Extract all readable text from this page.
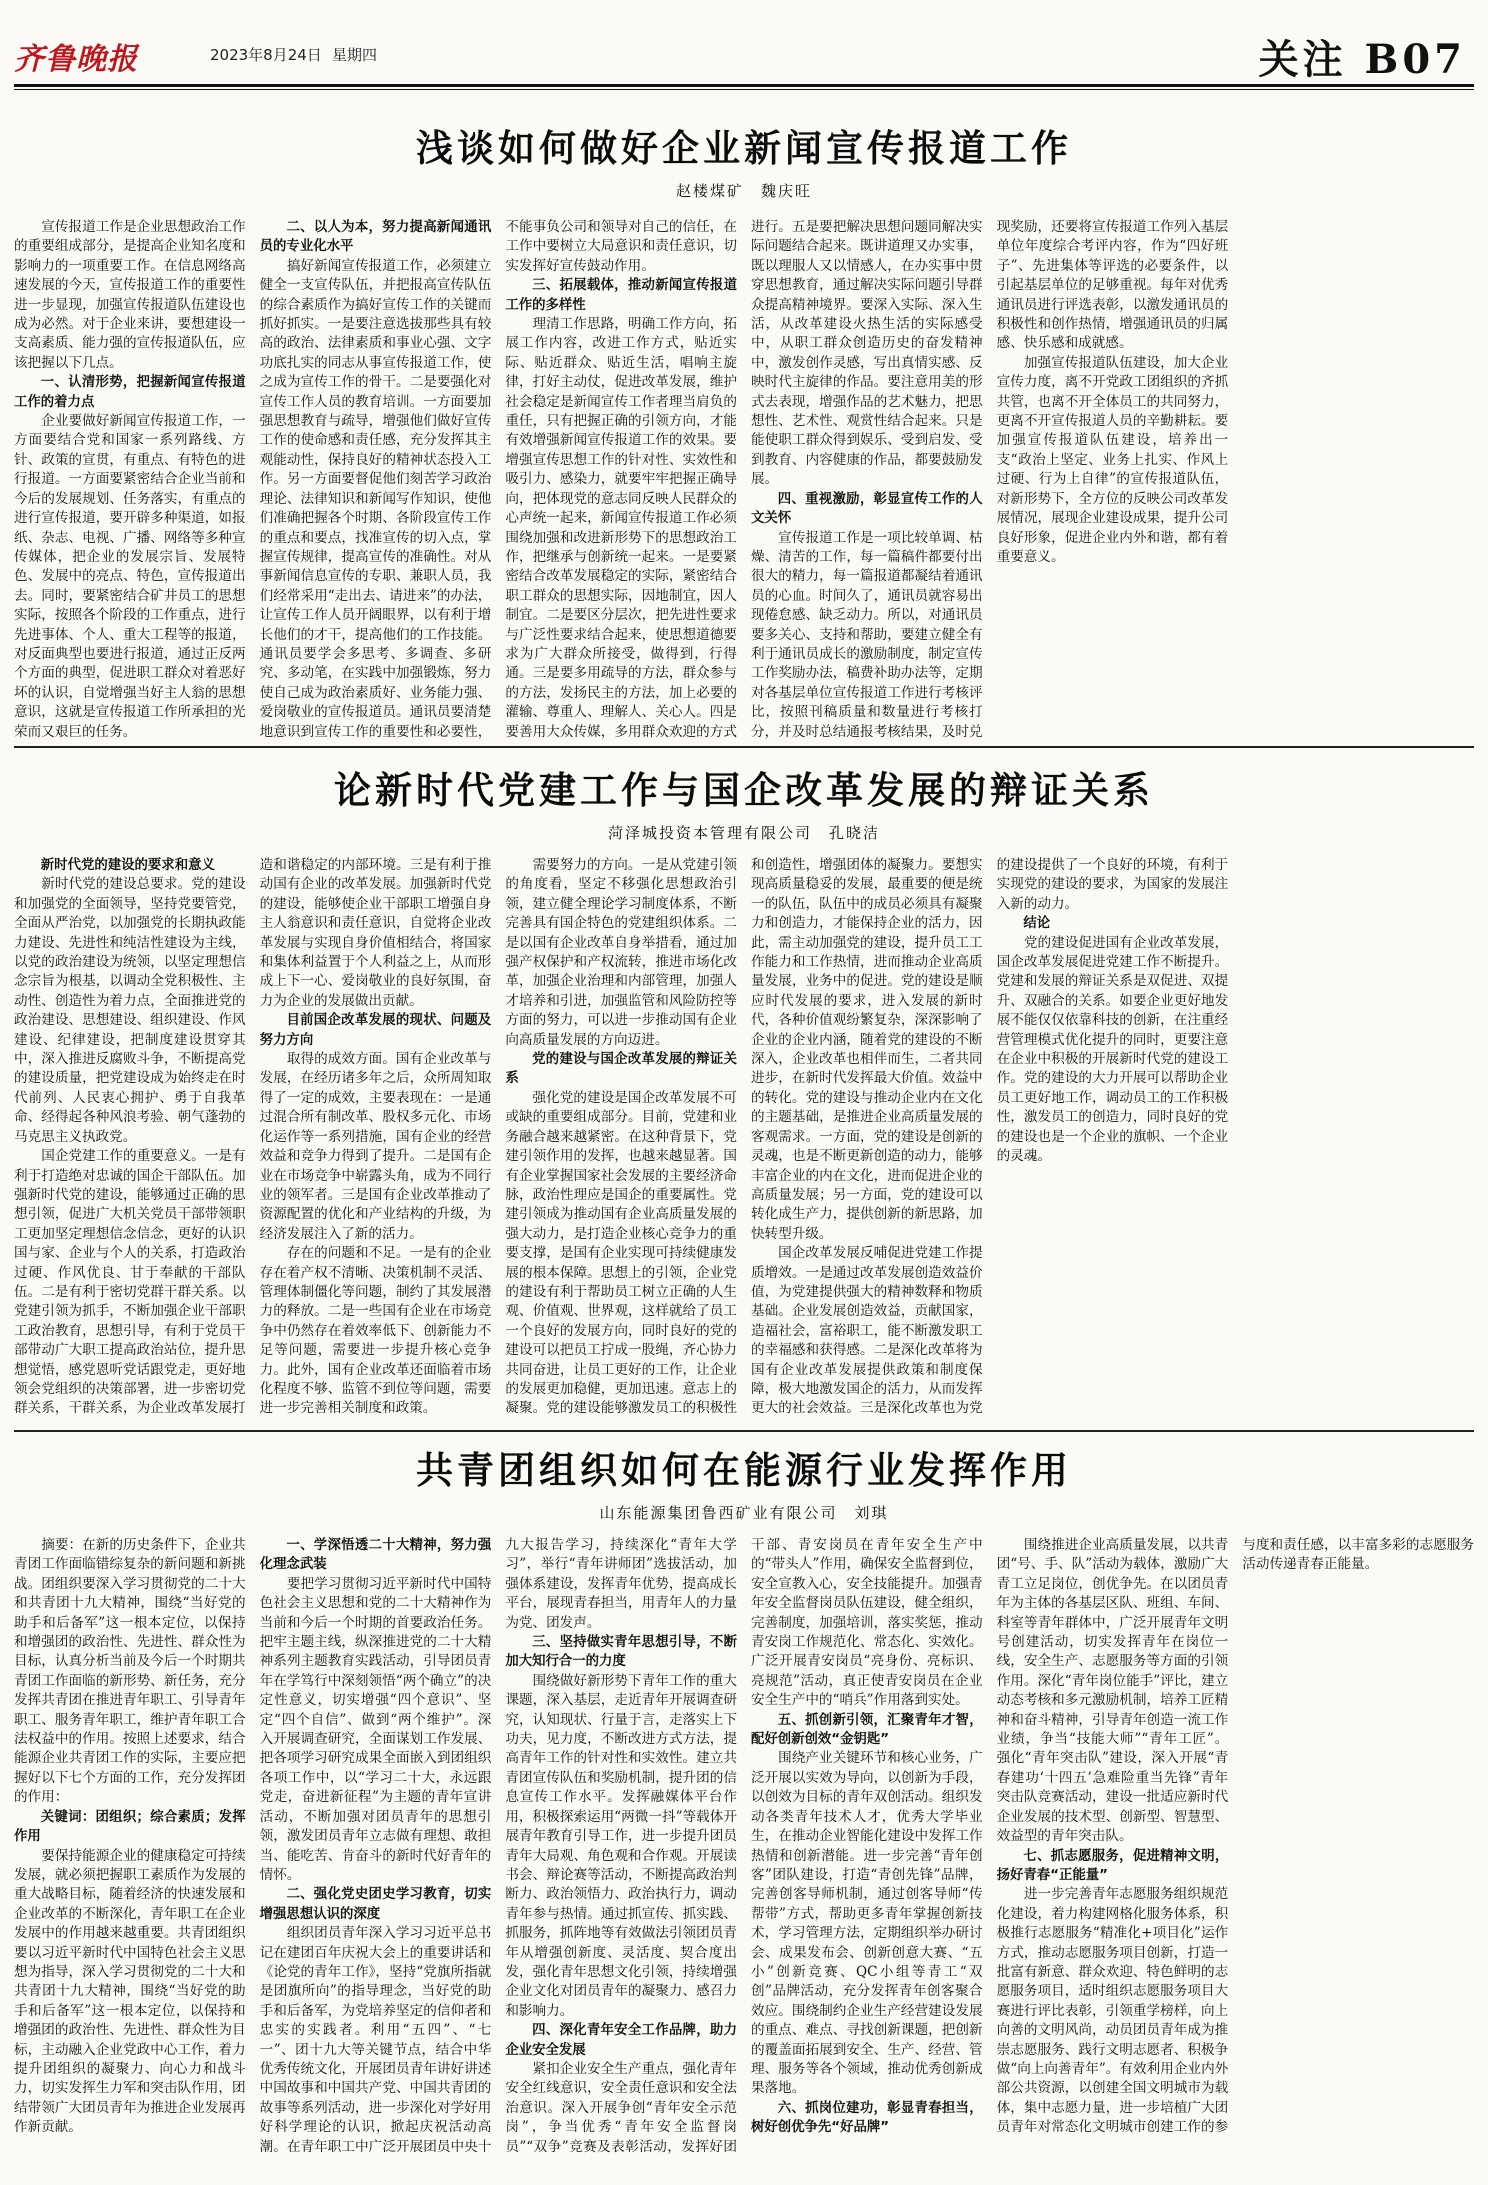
齐鲁晚报	2023年8月24日 星期四	关注 B07
浅谈如何做好企业新闻宣传报道工作
赵楼煤矿　魏庆旺

宣传报道工作是企业思想政治工作的重要组成部分，是提高企业知名度和影响力的一项重要工作。在信息网络高速发展的今天，宣传报道工作的重要性进一步显现，加强宣传报道队伍建设也成为必然。对于企业来讲，要想建设一支高素质、能力强的宣传报道队伍，应该把握以下几点。

一、认清形势，把握新闻宣传报道工作的着力点

企业要做好新闻宣传报道工作，一方面要结合党和国家一系列路线、方针、政策的宣贯，有重点、有特色的进行报道。一方面要紧密结合企业当前和今后的发展规划、任务落实，有重点的进行宣传报道，要开辟多种渠道，如报纸、杂志、电视、广播、网络等多种宣传媒体，把企业的发展宗旨、发展特色、发展中的亮点、特色，宣传报道出去。同时，要紧密结合矿井员工的思想实际，按照各个阶段的工作重点，进行先进事体、个人、重大工程等的报道，对反面典型也要进行报道，通过正反两个方面的典型，促进职工群众对着恶好坏的认识，自觉增强当好主人翁的思想意识，这就是宣传报道工作所承担的光荣而又艰巨的任务。

二、以人为本，努力提高新闻通讯员的专业化水平

搞好新闻宣传报道工作，必须建立健全一支宣传队伍，并把报高宣传队伍的综合素质作为搞好宣传工作的关键而抓好抓实。一是要注意选拔那些具有较高的政治、法律素质和事业心强、文字功底扎实的同志从事宣传报道工作，使之成为宣传工作的骨干。二是要强化对宣传工作人员的教育培训。一方面要加强思想教育与疏导，增强他们做好宣传工作的使命感和责任感，充分发挥其主观能动性，保持良好的精神状态投入工作。另一方面要督促他们刻苦学习政治理论、法律知识和新闻写作知识，使他们准确把握各个时期、各阶段宣传工作的重点和要点，找准宣传的切入点，掌握宣传规律，提高宣传的准确性。对从事新闻信息宣传的专职、兼职人员，我们经常采用“走出去、请进来”的办法，让宣传工作人员开阔眼界，以有利于增长他们的才干，提高他们的工作技能。通讯员要学会多思考、多调查、多研究、多动笔，在实践中加强锻炼，努力使自己成为政治素质好、业务能力强、爱岗敬业的宣传报道员。通讯员要清楚地意识到宣传工作的重要性和必要性，不能事负公司和领导对自己的信任，在工作中要树立大局意识和责任意识，切实发挥好宣传鼓动作用。

三、拓展载体，推动新闻宣传报道工作的多样性

理清工作思路，明确工作方向，拓展工作内容，改进工作方式，贴近实际、贴近群众、贴近生活，唱响主旋律，打好主动仗，促进改革发展，维护社会稳定是新闻宣传工作者理当肩负的重任，只有把握正确的引领方向，才能有效增强新闻宣传报道工作的效果。要增强宣传思想工作的针对性、实效性和吸引力、感染力，就要牢牢把握正确导向，把体现党的意志同反映人民群众的心声统一起来，新闻宣传报道工作必须围绕加强和改进新形势下的思想政治工作，把继承与创新统一起来。一是要紧密结合改革发展稳定的实际，紧密结合职工群众的思想实际，因地制宜，因人制宜。二是要区分层次，把先进性要求与广泛性要求结合起来，使思想道德要求为广大群众所接受，做得到，行得通。三是要多用疏导的方法，群众参与的方法，发扬民主的方法，加上必要的灌输、尊重人、理解人、关心人。四是要善用大众传媒，多用群众欢迎的方式进行。五是要把解决思想问题同解决实际问题结合起来。既讲道理又办实事，既以理服人又以情感人，在办实事中贯穿思想教育，通过解决实际问题引导群众提高精神境界。要深入实际、深入生活，从改革建设火热生活的实际感受中，从职工群众创造历史的奋发精神中，激发创作灵感，写出真情实感、反映时代主旋律的作品。要注意用美的形式去表现，增强作品的艺术魅力，把思想性、艺术性、观赏性结合起来。只是能使职工群众得到娱乐、受到启发、受到教育、内容健康的作品，都要鼓励发展。

四、重视激励，彰显宣传工作的人文关怀

宣传报道工作是一项比较单调、枯燥、清苦的工作，每一篇稿件都要付出很大的精力，每一篇报道都凝结着通讯员的心血。时间久了，通讯员就容易出现倦怠感、缺乏动力。所以，对通讯员要多关心、支持和帮助，要建立健全有利于通讯员成长的激励制度，制定宣传工作奖励办法，稿费补助办法等，定期对各基层单位宣传报道工作进行考核评比，按照刊稿质量和数量进行考核打分，并及时总结通报考核结果，及时兑现奖励，还要将宣传报道工作列入基层单位年度综合考评内容，作为“四好班子”、先进集体等评选的必要条件，以引起基层单位的足够重视。每年对优秀通讯员进行评选表彰，以激发通讯员的积极性和创作热情，增强通讯员的归属感、快乐感和成就感。

加强宣传报道队伍建设，加大企业宣传力度，离不开党政工团组织的齐抓共管，也离不开全体员工的共同努力，更离不开宣传报道人员的辛勤耕耘。要加强宣传报道队伍建设，培养出一支“政治上坚定、业务上扎实、作风上过硬、行为上自律”的宣传报道队伍，对新形势下，全方位的反映公司改革发展情况，展现企业建设成果，提升公司良好形象，促进企业内外和谐，都有着重要意义。

论新时代党建工作与国企改革发展的辩证关系
菏泽城投资本管理有限公司　孔晓洁

新时代党的建设的要求和意义

新时代党的建设总要求。党的建设和加强党的全面领导，坚持党要管党，全面从严治党，以加强党的长期执政能力建设、先进性和纯洁性建设为主线，以党的政治建设为统领，以坚定理想信念宗旨为根基，以调动全党积极性、主动性、创造性为着力点，全面推进党的政治建设、思想建设、组织建设、作风建设、纪律建设，把制度建设贯穿其中，深入推进反腐败斗争，不断提高党的建设质量，把党建设成为始终走在时代前列、人民衷心拥护、勇于自我革命、经得起各种风浪考验、朝气蓬勃的马克思主义执政党。

国企党建工作的重要意义。一是有利于打造绝对忠诚的国企干部队伍。加强新时代党的建设，能够通过正确的思想引领，促进广大机关党员干部带领职工更加坚定理想信念信念，更好的认识国与家、企业与个人的关系，打造政治过硬、作风优良、甘于奉献的干部队伍。二是有利于密切党群干群关系。以党建引领为抓手，不断加强企业干部职工政治教育，思想引导，有利于党员干部带动广大职工提高政治站位，提升思想觉悟，感党恩听党话跟党走，更好地领会党组织的决策部署，进一步密切党群关系，干群关系，为企业改革发展打造和谐稳定的内部环境。三是有利于推动国有企业的改革发展。加强新时代党的建设，能够使企业干部职工增强自身主人翁意识和责任意识，自觉将企业改革发展与实现自身价值相结合，将国家和集体利益置于个人利益之上，从而形成上下一心、爱岗敬业的良好氛围，奋力为企业的发展做出贡献。

目前国企改革发展的现状、问题及努力方向

取得的成效方面。国有企业改革与发展，在经历诸多年之后，众所周知取得了一定的成效，主要表现在：一是通过混合所有制改革、股权多元化、市场化运作等一系列措施，国有企业的经营效益和竞争力得到了提升。二是国有企业在市场竞争中崭露头角，成为不同行业的领军者。三是国有企业改革推动了资源配置的优化和产业结构的升级，为经济发展注入了新的活力。

存在的问题和不足。一是有的企业存在着产权不清晰、决策机制不灵活、管理体制僵化等问题，制约了其发展潜力的释放。二是一些国有企业在市场竞争中仍然存在着效率低下、创新能力不足等问题，需要进一步提升核心竞争力。此外，国有企业改革还面临着市场化程度不够、监管不到位等问题，需要进一步完善相关制度和政策。

需要努力的方向。一是从党建引领的角度看，坚定不移强化思想政治引领，建立健全理论学习制度体系，不断完善具有国企特色的党建组织体系。二是以国有企业改革自身举措看，通过加强产权保护和产权流转，推进市场化改革，加强企业治理和内部管理，加强人才培养和引进，加强监管和风险防控等方面的努力，可以进一步推动国有企业向高质量发展的方向迈进。

党的建设与国企改革发展的辩证关系

强化党的建设是国企改革发展不可或缺的重要组成部分。目前，党建和业务融合越来越紧密。在这种背景下，党建引领作用的发挥，也越来越显著。国有企业掌握国家社会发展的主要经济命脉，政治性理应是国企的重要属性。党建引领成为推动国有企业高质量发展的强大动力，是打造企业核心竞争力的重要支撑，是国有企业实现可持续健康发展的根本保障。思想上的引领，企业党的建设有利于帮助员工树立正确的人生观、价值观、世界观，这样就给了员工一个良好的发展方向，同时良好的党的建设可以把员工拧成一股绳，齐心协力共同奋进，让员工更好的工作，让企业的发展更加稳健，更加迅速。意志上的凝聚。党的建设能够激发员工的积极性和创造性，增强团体的凝聚力。要想实现高质量稳妥的发展，最重要的便是统一的队伍，队伍中的成员必须具有凝聚力和创造力，才能保持企业的活力，因此，需主动加强党的建设，提升员工工作能力和工作热情，进而推动企业高质量发展，业务中的促进。党的建设是顺应时代发展的要求，进入发展的新时代，各种价值观纷繁复杂，深深影响了企业的企业内涵，随着党的建设的不断深入，企业改革也相伴而生，二者共同进步，在新时代发挥最大价值。效益中的转化。党的建设与推动企业内在文化的主题基础，是推进企业高质量发展的客观需求。一方面，党的建设是创新的灵魂，也是不断更新创造的动力，能够丰富企业的内在文化，进而促进企业的高质量发展；另一方面，党的建设可以转化成生产力，提供创新的新思路，加快转型升级。

国企改革发展反哺促进党建工作提质增效。一是通过改革发展创造效益价值，为党建提供强大的精神数释和物质基础。企业发展创造效益，贡献国家，造福社会，富裕职工，能不断激发职工的幸福感和获得感。二是深化改革将为国有企业改革发展提供政策和制度保障，极大地激发国企的活力，从而发挥更大的社会效益。三是深化改革也为党的建设提供了一个良好的环境，有利于实现党的建设的要求，为国家的发展注入新的动力。

结论

党的建设促进国有企业改革发展，国企改革发展促进党建工作不断提升。党建和发展的辩证关系是双促进、双提升、双融合的关系。如要企业更好地发展不能仅仅依靠科技的创新，在注重经营管理模式优化提升的同时，更要注意在企业中积极的开展新时代党的建设工作。党的建设的大力开展可以帮助企业员工更好地工作，调动员工的工作积极性，激发员工的创造力，同时良好的党的建设也是一个企业的旗帜、一个企业的灵魂。

共青团组织如何在能源行业发挥作用
山东能源集团鲁西矿业有限公司　刘琪

摘要：在新的历史条件下，企业共青团工作面临错综复杂的新问题和新挑战。团组织要深入学习贯彻党的二十大和共青团十九大精神，围绕“当好党的助手和后备军”这一根本定位，以保持和增强团的政治性、先进性、群众性为目标，认真分析当前及今后一个时期共青团工作面临的新形势、新任务，充分发挥共青团在推进青年职工、引导青年职工、服务青年职工，维护青年职工合法权益中的作用。按照上述要求，结合能源企业共青团工作的实际，主要应把握好以下七个方面的工作，充分发挥团的作用：

关键词：团组织；综合素质；发挥作用

要保持能源企业的健康稳定可持续发展，就必须把握职工素质作为发展的重大战略目标，随着经济的快速发展和企业改革的不断深化，青年职工在企业发展中的作用越来越重要。共青团组织要以习近平新时代中国特色社会主义思想为指导，深入学习贯彻党的二十大和共青团十九大精神，围绕“当好党的助手和后备军”这一根本定位，以保持和增强团的政治性、先进性、群众性为目标，主动融入企业党政中心工作，着力提升团组织的凝聚力、向心力和战斗力，切实发挥生力军和突击队作用，团结带领广大团员青年为推进企业发展再作新贡献。

一、学深悟透二十大精神，努力强化理念武装

要把学习贯彻习近平新时代中国特色社会主义思想和党的二十大精神作为当前和今后一个时期的首要政治任务。把牢主题主线，纵深推进党的二十大精神系列主题教育实践活动，引导团员青年在学笃行中深刻领悟“两个确立”的决定性意义，切实增强“四个意识”、坚定“四个自信”、做到“两个维护”。深入开展调查研究，全面谋划工作发展、把各项学习研究成果全面嵌入到团组织各项工作中，以“学习二十大，永远跟党走，奋进新征程”为主题的青年宣讲活动，不断加强对团员青年的思想引领，激发团员青年立志做有理想、敢担当、能吃苦、肯奋斗的新时代好青年的情怀。

二、强化党史团史学习教育，切实增强思想认识的深度

组织团员青年深入学习习近平总书记在建团百年庆祝大会上的重要讲话和《论党的青年工作》，坚持“党旗所指就是团旗所向”的指导理念，当好党的助手和后备军，为党培养坚定的信仰者和忠实的实践者。利用“五四”、“七一”、团十九大等关键节点，结合中华优秀传统文化，开展团员青年讲好讲述中国故事和中国共产党、中国共青团的故事等系列活动，进一步深化对学好用好科学理论的认识，掀起庆祝活动高潮。在青年职工中广泛开展团员中央十九大报告学习，持续深化“青年大学习”，举行“青年讲师团”选拔活动，加强体系建设，发挥青年优势，提高成长平台，展现青春担当，用青年人的力量为党、团发声。

三、坚持做实青年思想引导，不断加大知行合一的力度

围绕做好新形势下青年工作的重大课题，深入基层，走近青年开展调查研究，认知现状、行量于言，走落实上下功夫，见力度，不断改进方式方法，提高青年工作的针对性和实效性。建立共青团宣传队伍和奖励机制，提升团的信息宣传工作水平。发挥融媒体平台作用，积极探索运用“两微一抖”等载体开展青年教育引导工作，进一步提升团员青年大局观、角色观和合作观。开展读书会、辩论赛等活动，不断提高政治判断力、政治领悟力、政治执行力，调动青年参与热情。通过抓宣传、抓实践、抓服务，抓阵地等有效做法引领团员青年从增强创新度、灵活度、契合度出发，强化青年思想文化引领，持续增强企业文化对团员青年的凝聚力、感召力和影响力。

四、深化青年安全工作品牌，助力企业安全发展

紧扣企业安全生产重点，强化青年安全红线意识，安全责任意识和安全法治意识。深入开展争创“青年安全示范岗”，争当优秀“青年安全监督岗员”“双争”竞赛及表彰活动，发挥好团干部、青安岗员在青年安全生产中的“带头人”作用，确保安全监督到位，安全宣教入心，安全技能提升。加强青年安全监督岗员队伍建设，健全组织，完善制度，加强培训，落实奖惩，推动青安岗工作规范化、常态化、实效化。广泛开展青安岗员“亮身份、亮标识、亮规范”活动，真正使青安岗员在企业安全生产中的“哨兵”作用落到实处。

五、抓创新引领，汇聚青年才智，配好创新创效“金钥匙”

围绕产业关键环节和核心业务，广泛开展以实效为导向，以创新为手段，以创效为目标的青年双创活动。组织发动各类青年技术人才，优秀大学毕业生，在推动企业智能化建设中发挥工作热情和创新潜能。进一步完善“青年创客”团队建设，打造“青创先锋”品牌，完善创客导师机制，通过创客导师“传帮带”方式，帮助更多青年掌握创新技术，学习管理方法，定期组织举办研讨会、成果发布会、创新创意大赛、“五小”创新竞赛、QC小组等青工“双创”品牌活动，充分发挥青年创客聚合效应。围绕制约企业生产经营建设发展的重点、难点、寻找创新课题，把创新的覆盖面拓展到安全、生产、经营、管理、服务等各个领域，推动优秀创新成果落地。

六、抓岗位建功，彰显青春担当，树好创优争先“好品牌”

围绕推进企业高质量发展，以共青团“号、手、队”活动为载体，激励广大青工立足岗位，创优争先。在以团员青年为主体的各基层区队、班组、车间、科室等青年群体中，广泛开展青年文明号创建活动，切实发挥青年在岗位一线，安全生产、志愿服务等方面的引领作用。深化“青年岗位能手”评比，建立动态考核和多元激励机制，培养工匠精神和奋斗精神，引导青年创造一流工作业绩，争当“技能大师”“青年工匠”。强化“青年突击队”建设，深入开展“青春建功‘十四五’急难险重当先锋”青年突击队竞赛活动，建设一批适应新时代企业发展的技术型、创新型、智慧型、效益型的青年突击队。

七、抓志愿服务，促进精神文明，扬好青春“正能量”

进一步完善青年志愿服务组织规范化建设，着力构建网格化服务体系，积极推行志愿服务“精准化+项目化”运作方式，推动志愿服务项目创新，打造一批富有新意、群众欢迎、特色鲜明的志愿服务项目，适时组织志愿服务项目大赛进行评比表彰，引领重学榜样，向上向善的文明风尚，动员团员青年成为推崇志愿服务、践行文明志愿者、积极争做“向上向善青年”。有效利用企业内外部公共资源，以创建全国文明城市为载体，集中志愿力量，进一步培植广大团员青年对常态化文明城市创建工作的参与度和责任感，以丰富多彩的志愿服务活动传递青春正能量。
